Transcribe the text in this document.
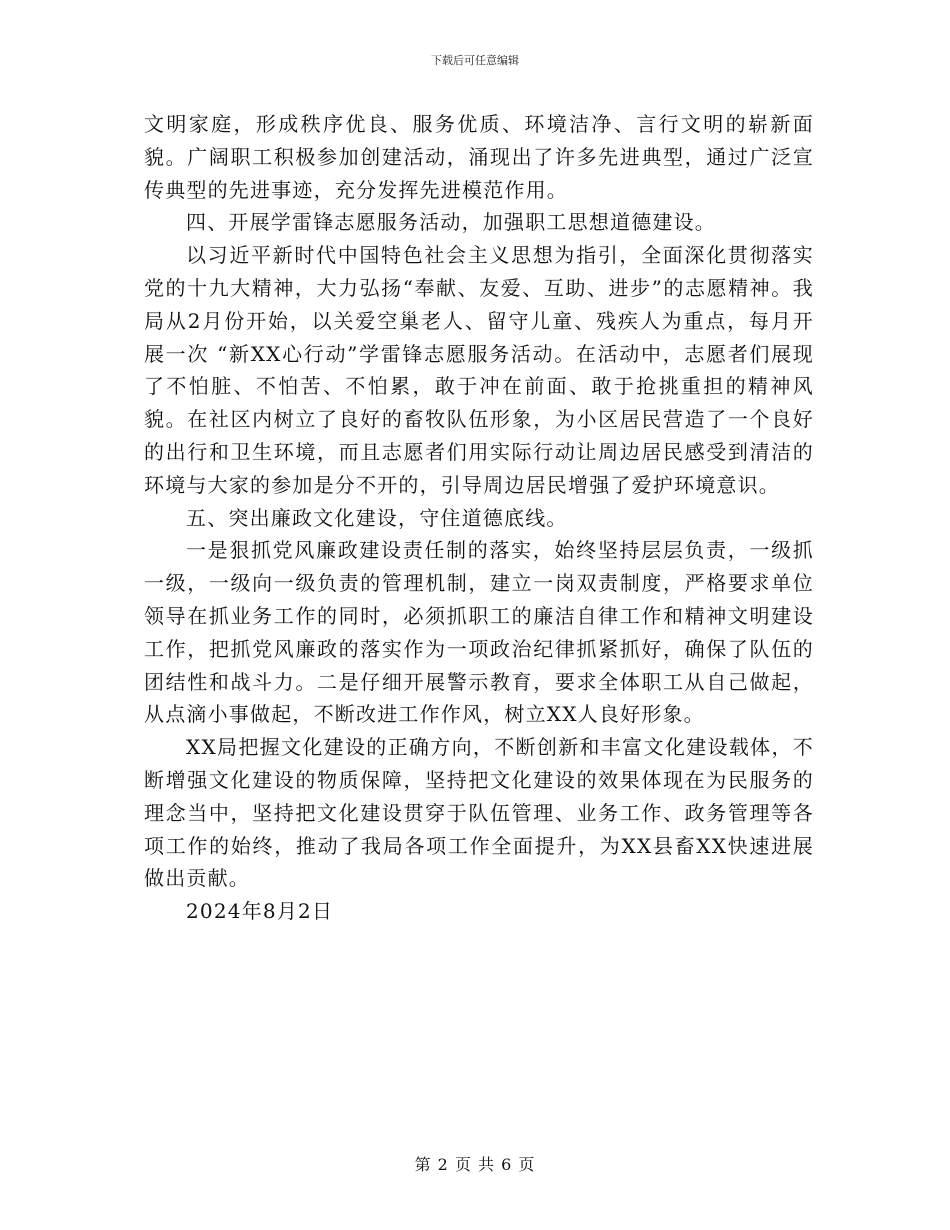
下载后可任意编辑

文明家庭，形成秩序优良、服务优质、环境洁净、言行文明的崭新面貌。广阔职工积极参加创建活动，涌现出了许多先进典型，通过广泛宣传典型的先进事迹，充分发挥先进模范作用。

四、开展学雷锋志愿服务活动，加强职工思想道德建设。

以习近平新时代中国特色社会主义思想为指引，全面深化贯彻落实党的十九大精神，大力弘扬“奉献、友爱、互助、进步”的志愿精神。我局从2月份开始，以关爱空巢老人、留守儿童、残疾人为重点，每月开展一次 “新XX心行动”学雷锋志愿服务活动。在活动中，志愿者们展现了不怕脏、不怕苦、不怕累，敢于冲在前面、敢于抢挑重担的精神风貌。在社区内树立了良好的畜牧队伍形象，为小区居民营造了一个良好的出行和卫生环境，而且志愿者们用实际行动让周边居民感受到清洁的环境与大家的参加是分不开的，引导周边居民增强了爱护环境意识。

五、突出廉政文化建设，守住道德底线。

一是狠抓党风廉政建设责任制的落实，始终坚持层层负责，一级抓一级，一级向一级负责的管理机制，建立一岗双责制度，严格要求单位领导在抓业务工作的同时，必须抓职工的廉洁自律工作和精神文明建设工作，把抓党风廉政的落实作为一项政治纪律抓紧抓好，确保了队伍的团结性和战斗力。二是仔细开展警示教育，要求全体职工从自己做起，从点滴小事做起，不断改进工作作风，树立XX人良好形象。

XX局把握文化建设的正确方向，不断创新和丰富文化建设载体，不断增强文化建设的物质保障，坚持把文化建设的效果体现在为民服务的理念当中，坚持把文化建设贯穿于队伍管理、业务工作、政务管理等各项工作的始终，推动了我局各项工作全面提升，为XX县畜XX快速进展做出贡献。

2024年8月2日

第 2 页 共 6 页
